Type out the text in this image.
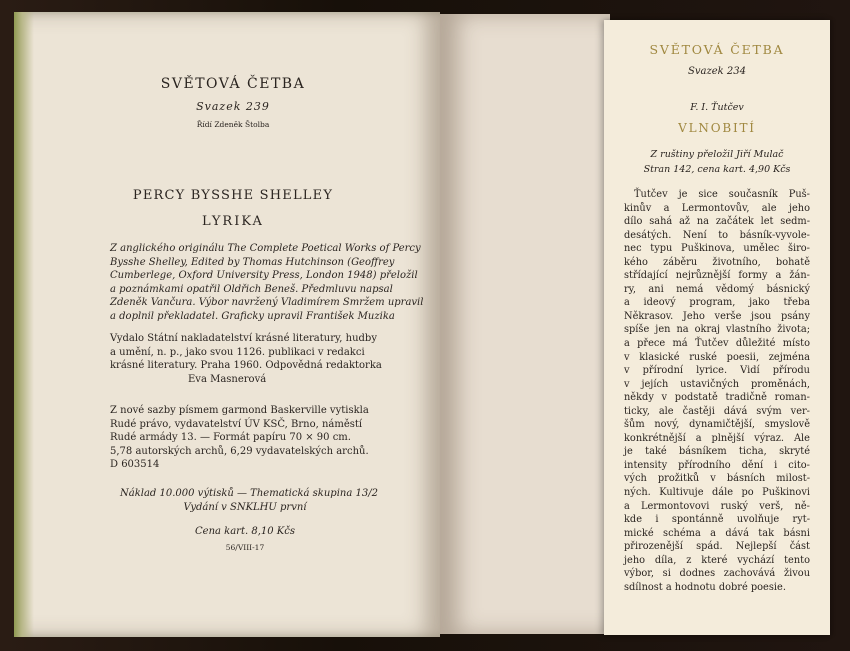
SVĚTOVÁ ČETBA
Svazek 239
Řídí Zdeněk Štolba
PERCY BYSSHE SHELLEY
LYRIKA
Z anglického originálu The Complete Poetical Works of Percy
Bysshe Shelley, Edited by Thomas Hutchinson (Geoffrey
Cumberlege, Oxford University Press, London 1948) přeložil
a poznámkami opatřil Oldřich Beneš. Předmluvu napsal
Zdeněk Vančura. Výbor navržený Vladimírem Smržem upravil
a doplnil překladatel. Graficky upravil František Muzika
Vydalo Státní nakladatelství krásné literatury, hudby
a umění, n. p., jako svou 1126. publikaci v redakci
krásné literatury. Praha 1960. Odpovědná redaktorka
Eva Masnerová
Z nové sazby písmem garmond Baskerville vytiskla
Rudé právo, vydavatelství ÚV KSČ, Brno, náměstí
Rudé armády 13. — Formát papíru 70 × 90 cm.
5,78 autorských archů, 6,29 vydavatelských archů.
D 603514
Náklad 10.000 výtisků — Thematická skupina 13/2
Vydání v SNKLHU první
Cena kart. 8,10 Kčs
56/VIII-17
SVĚTOVÁ ČETBA
Svazek 234
F. I. Ťutčev
VLNOBITÍ
Z ruštiny přeložil Jiří Mulač
Stran 142, cena kart. 4,90 Kčs
Ťutčev je sice současník Puš-
kinův a Lermontovův, ale jeho
dílo sahá až na začátek let sedm-
desátých. Není to básník-vyvole-
nec typu Puškinova, umělec širo-
kého záběru životního, bohatě
střídající nejrůznější formy a žán-
ry, ani nemá vědomý básnický
a ideový program, jako třeba
Někrasov. Jeho verše jsou psány
spíše jen na okraj vlastního života;
a přece má Ťutčev důležité místo
v klasické ruské poesii, zejména
v přírodní lyrice. Vidí přírodu
v jejích ustavičných proměnách,
někdy v podstatě tradičně roman-
ticky, ale častěji dává svým ver-
šům nový, dynamičtější, smyslově
konkrétnější a plnější výraz. Ale
je také básníkem ticha, skryté
intensity přírodního dění i cito-
vých prožitků v básních milost-
ných. Kultivuje dále po Puškinovi
a Lermontovovi ruský verš, ně-
kde i spontánně uvolňuje ryt-
mické schéma a dává tak básni
přirozenější spád. Nejlepší část
jeho díla, z které vychází tento
výbor, si dodnes zachovává živou
sdílnost a hodnotu dobré poesie.
